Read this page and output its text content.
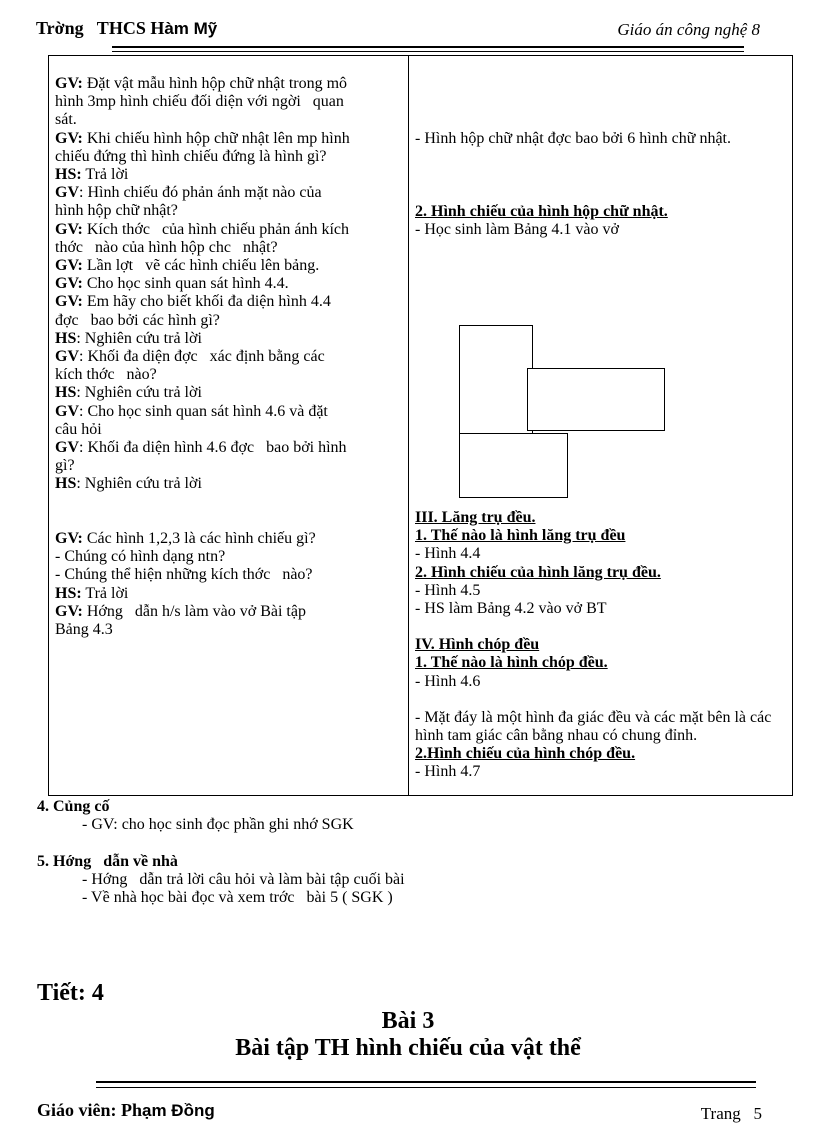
Trờng   THCS Hàm Mỹ	Giáo án công nghệ 8
GV: Đặt vật mẫu hình hộp chữ nhật trong mô
hình 3mp hình chiếu đối diện với ngời   quan
sát.
GV: Khi chiếu hình hộp chữ nhật lên mp hình
chiếu đứng thì hình chiếu đứng là hình gì?
HS: Trả lời
GV: Hình chiếu đó phản ánh mặt nào của
hình hộp chữ nhật?
GV: Kích thớc   của hình chiếu phản ánh kích
thớc   nào của hình hộp chc   nhật?
GV: Lần lợt   vẽ các hình chiếu lên bảng.
GV: Cho học sinh quan sát hình 4.4.
GV: Em hãy cho biết khối đa diện hình 4.4
đợc   bao bởi các hình gì?
HS: Nghiên cứu trả lời
GV: Khối đa diện đợc   xác định bằng các
kích thớc   nào?
HS: Nghiên cứu trả lời
GV: Cho học sinh quan sát hình 4.6 và đặt
câu hỏi
GV: Khối đa diện hình 4.6 đợc   bao bởi hình
gì?
HS: Nghiên cứu trả lời
GV: Các hình 1,2,3 là các hình chiếu gì?
- Chúng có hình dạng ntn?
- Chúng thể hiện những kích thớc   nào?
HS: Trả lời
GV: Hớng   dẫn h/s làm vào vở Bài tập
Bảng 4.3
- Hình hộp chữ nhật đợc bao bởi 6 hình chữ nhật.
2. Hình chiếu của hình hộp chữ nhật.
- Học sinh làm Bảng 4.1 vào vở
III. Lăng trụ đều.
1. Thế nào là hình lăng trụ đều
- Hình 4.4
2. Hình chiếu của hình lăng trụ đều.
- Hình 4.5
- HS làm Bảng 4.2 vào vở BT
IV. Hình chóp đều
1. Thế nào là hình chóp đều.
- Hình 4.6
- Mặt đáy là một hình đa giác đều và các mặt bên là các hình tam giác cân bằng nhau có chung đỉnh.
2.Hình chiếu của hình chóp đều.
- Hình 4.7
4. Củng cố
- GV: cho học sinh đọc phần ghi nhớ SGK
5. Hớng   dẫn về nhà
- Hớng   dẫn trả lời câu hỏi và làm bài tập cuối bài
- Về nhà học bài đọc và xem trớc   bài 5 ( SGK )
Tiết: 4
Bài 3
Bài tập TH hình chiếu của vật thể
Giáo viên: Phạm Đồng	Trang   5
